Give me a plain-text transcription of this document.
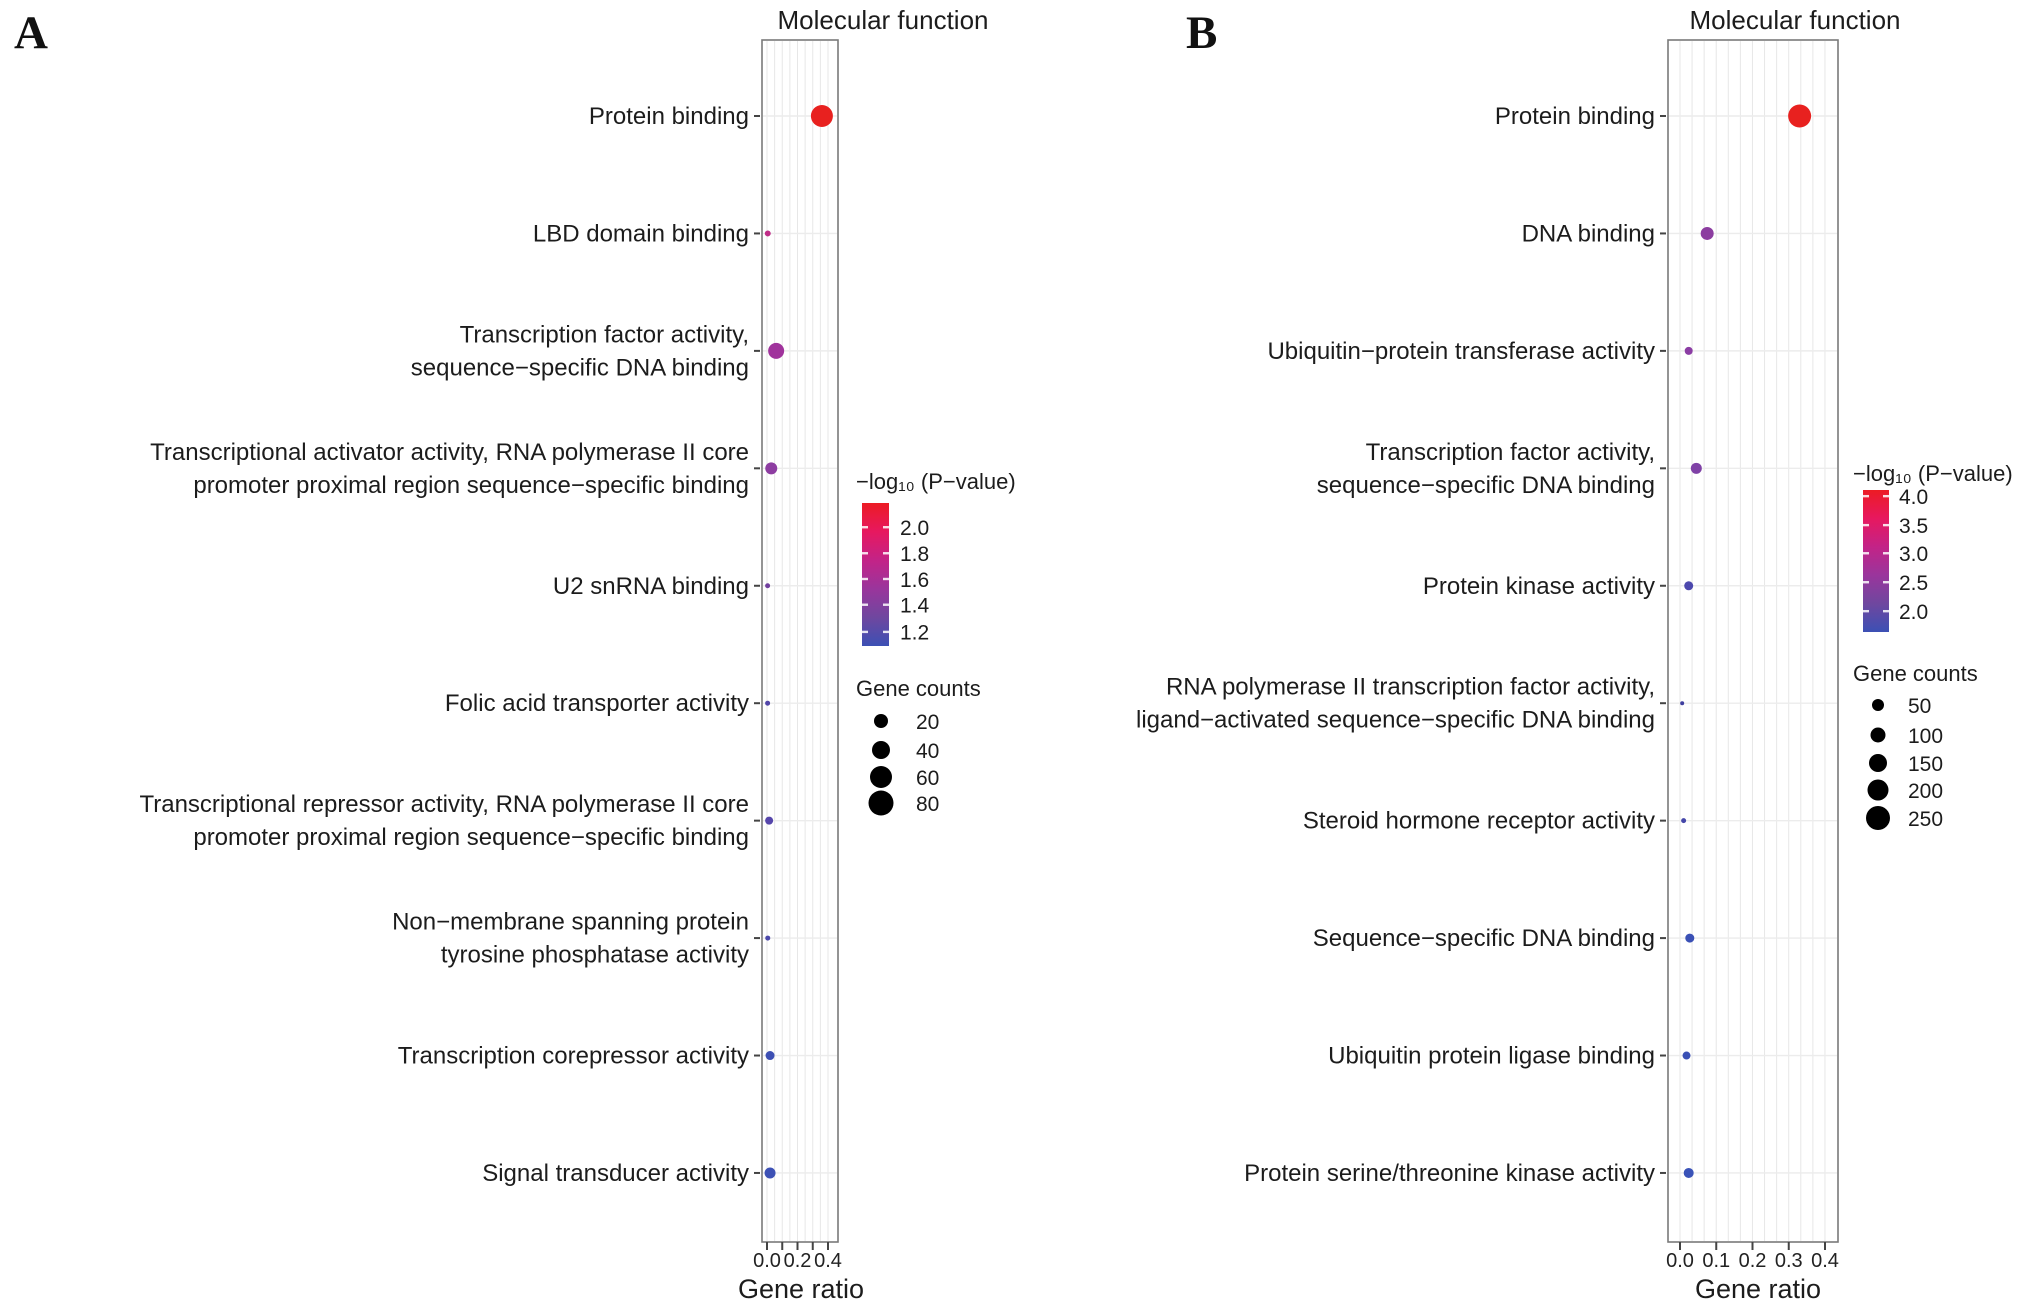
A	B
Molecular function
0.0 0.2 0.4
Gene ratio
Protein binding
LBD domain binding
Transcription factor activity, sequence−specific DNA binding
Transcriptional activator activity, RNA polymerase II core promoter proximal region sequence−specific binding
U2 snRNA binding
Folic acid transporter activity
Transcriptional repressor activity, RNA polymerase II core promoter proximal region sequence−specific binding
Non−membrane spanning protein tyrosine phosphatase activity
Transcription corepressor activity
Signal transducer activity
−log₁₀ (P−value)
2.0
1.8
1.6
1.4
1.2
Gene counts
20
40
60
80
Molecular function
0.0 0.1 0.2 0.3 0.4
Gene ratio
Protein binding
DNA binding
Ubiquitin−protein transferase activity
Transcription factor activity, sequence−specific DNA binding
Protein kinase activity
RNA polymerase II transcription factor activity, ligand−activated sequence−specific DNA binding
Steroid hormone receptor activity
Sequence−specific DNA binding
Ubiquitin protein ligase binding
Protein serine/threonine kinase activity
−log₁₀ (P−value)
4.0
3.5
3.0
2.5
2.0
Gene counts
50
100
150
200
250
